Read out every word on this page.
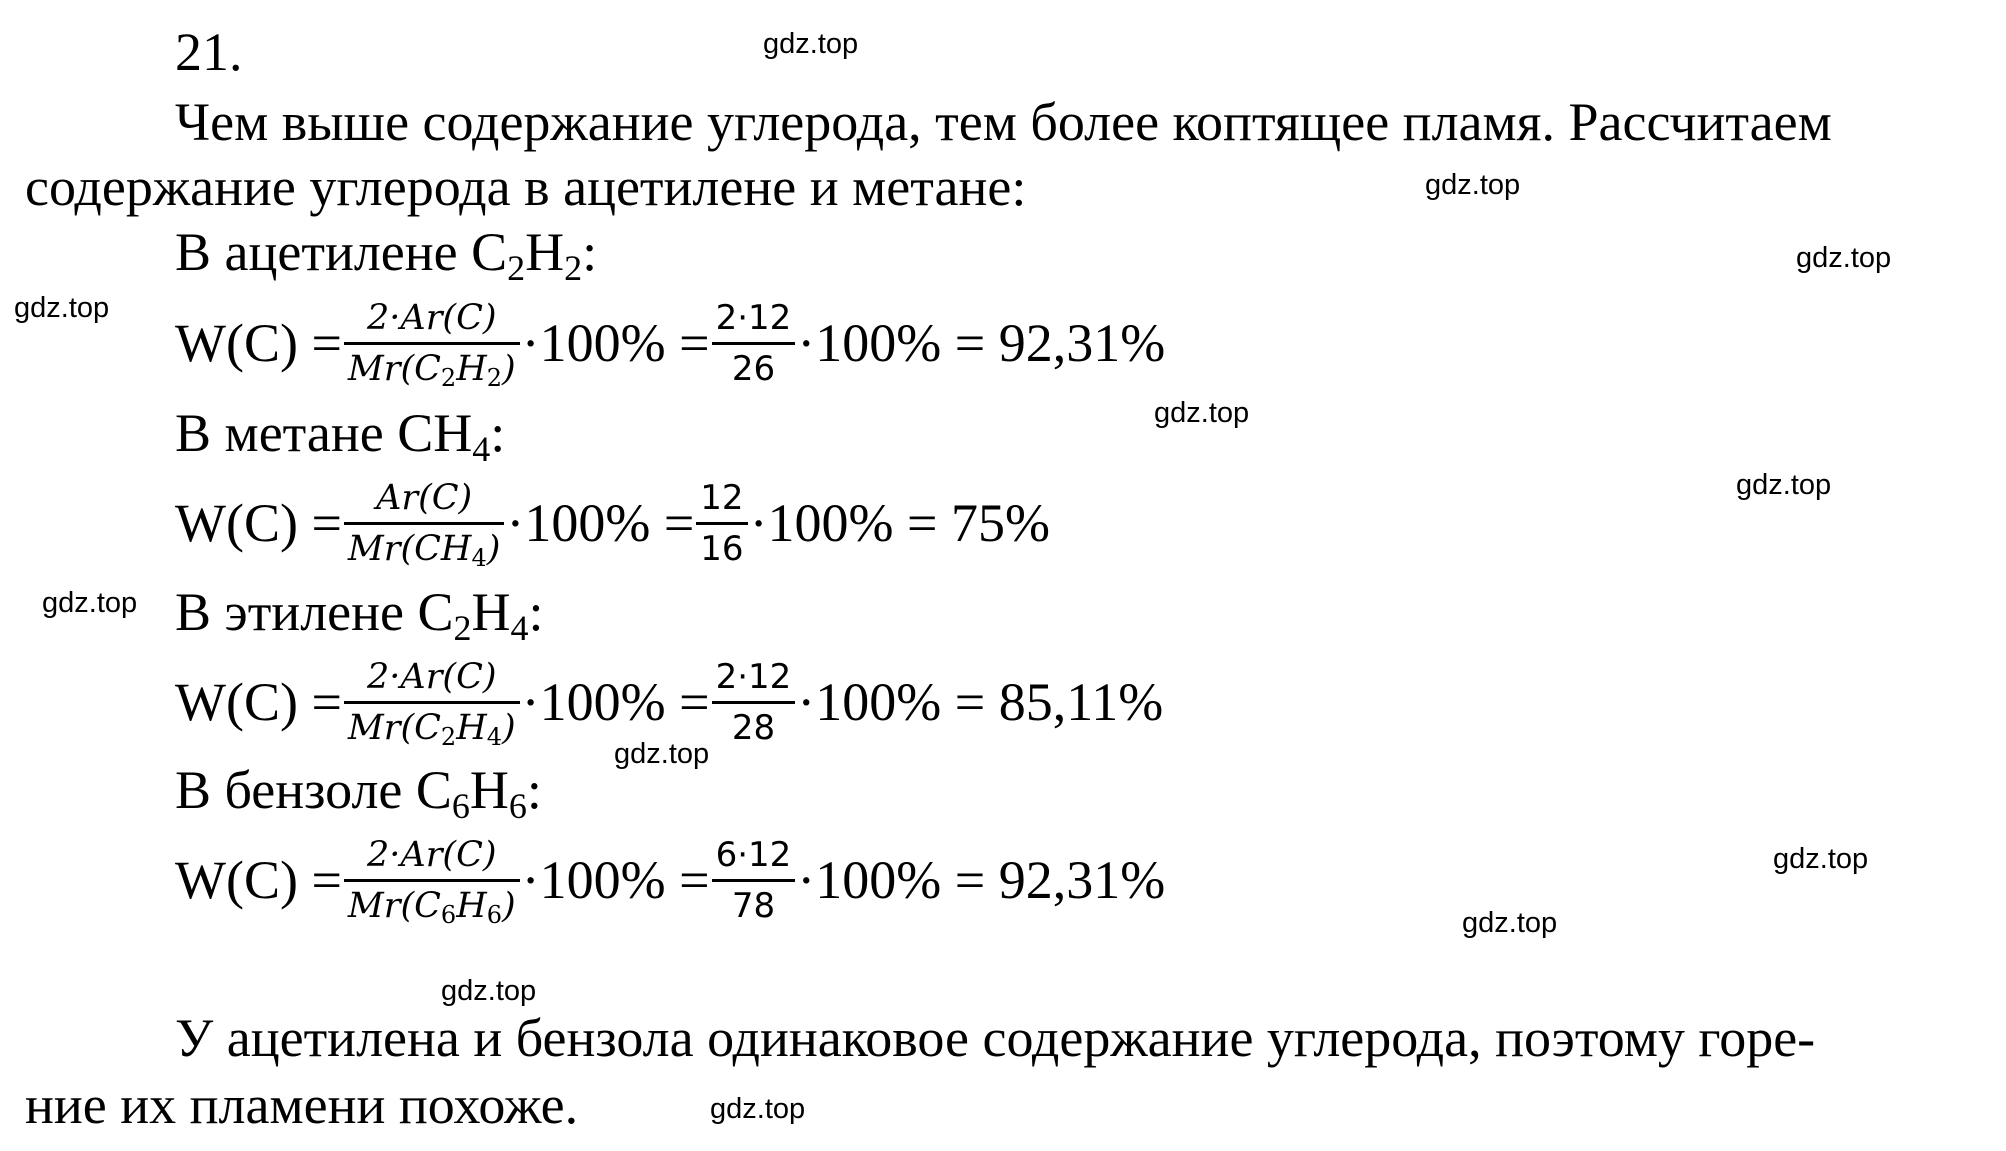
21.
Чем выше содержание углерода, тем более коптящее пламя. Рассчитаем
содержание углерода в ацетилене и метане:
В ацетилене $C_2H_2$:
$W(C) = \frac{2\cdot Ar(C)}{Mr(C2H2)} \cdot 100\% = \frac{2\cdot 12}{26} \cdot 100\% = 92,31\%$
В метане $CH_4$:
$W(C) = \frac{Ar(C)}{Mr(CH4)} \cdot 100\% = \frac{12}{16} \cdot 100\% = 75\%$
В этилене $C_2H_4$:
$W(C) = \frac{2\cdot Ar(C)}{Mr(C2H4)} \cdot 100\% = \frac{2\cdot 12}{28} \cdot 100\% = 85,11\%$
В бензоле $C_6H_6$:
$W(C) = \frac{2\cdot Ar(C)}{Mr(C6H6)} \cdot 100\% = \frac{6\cdot 12}{78} \cdot 100\% = 92,31\%$
У ацетилена и бензола одинаковое содержание углерода, поэтому горе-
ние их пламени похоже.
gdz.top
gdz.top
gdz.top
gdz.top
gdz.top
gdz.top
gdz.top
gdz.top
gdz.top
gdz.top
gdz.top
gdz.top
